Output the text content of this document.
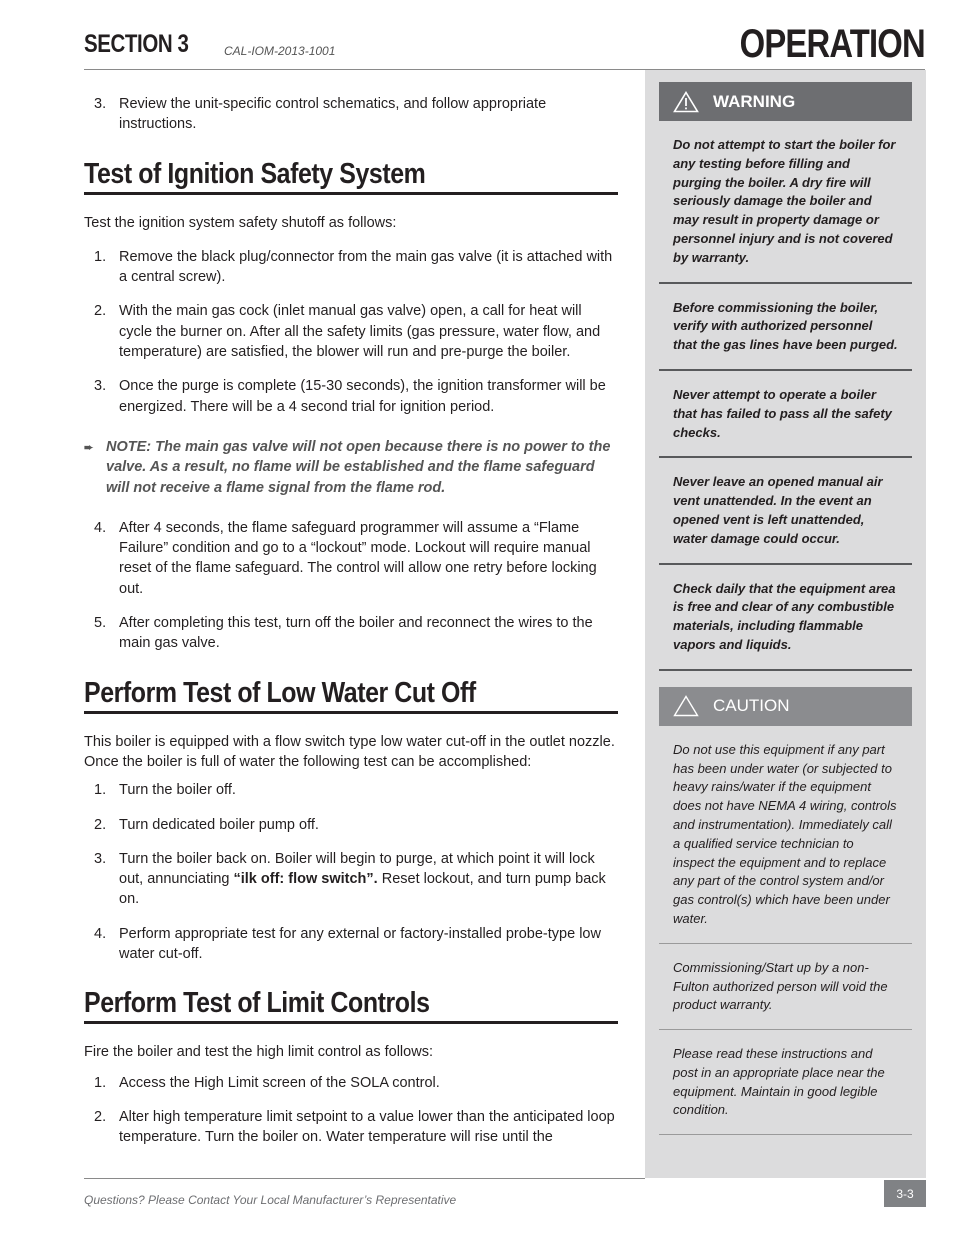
SECTION 3	CAL-IOM-2013-1001	OPERATION
3. Review the unit-specific control schematics, and follow appropriate instructions.
Test of Ignition Safety System
Test the ignition system safety shutoff as follows:
1. Remove the black plug/connector from the main gas valve (it is attached with a central screw).
2. With the main gas cock (inlet manual gas valve) open, a call for heat will cycle the burner on. After all the safety limits (gas pressure, water flow, and temperature) are satisfied, the blower will run and pre-purge the boiler.
3. Once the purge is complete (15-30 seconds), the ignition transformer will be energized. There will be a 4 second trial for ignition period.
➨ NOTE: The main gas valve will not open because there is no power to the valve. As a result, no flame will be established and the flame safeguard will not receive a flame signal from the flame rod.
4. After 4 seconds, the flame safeguard programmer will assume a “Flame Failure” condition and go to a “lockout” mode. Lockout will require manual reset of the flame safeguard. The control will allow one retry before locking out.
5. After completing this test, turn off the boiler and reconnect the wires to the main gas valve.
Perform Test of Low Water Cut Off
This boiler is equipped with a flow switch type low water cut-off in the outlet nozzle. Once the boiler is full of water the following test can be accomplished:
1. Turn the boiler off.
2. Turn dedicated boiler pump off.
3. Turn the boiler back on. Boiler will begin to purge, at which point it will lock out, annunciating “ilk off: flow switch”. Reset lockout, and turn pump back on.
4. Perform appropriate test for any external or factory-installed probe-type low water cut-off.
Perform Test of Limit Controls
Fire the boiler and test the high limit control as follows:
1. Access the High Limit screen of the SOLA control.
2. Alter high temperature limit setpoint to a value lower than the anticipated loop temperature. Turn the boiler on. Water temperature will rise until the
WARNING
Do not attempt to start the boiler for any testing before filling and purging the boiler. A dry fire will seriously damage the boiler and may result in property damage or personnel injury and is not covered by warranty.
Before commissioning the boiler, verify with authorized personnel that the gas lines have been purged.
Never attempt to operate a boiler that has failed to pass all the safety checks.
Never leave an opened manual air vent unattended. In the event an opened vent is left unattended, water damage could occur.
Check daily that the equipment area is free and clear of any combustible materials, including flammable vapors and liquids.
CAUTION
Do not use this equipment if any part has been under water (or subjected to heavy rains/water if the equipment does not have NEMA 4 wiring, controls and instrumentation). Immediately call a qualified service technician to inspect the equipment and to replace any part of the control system and/or gas control(s) which have been under water.
Commissioning/Start up by a non-Fulton authorized person will void the product warranty.
Please read these instructions and post in an appropriate place near the equipment. Maintain in good legible condition.
Questions? Please Contact Your Local Manufacturer’s Representative	3-3
